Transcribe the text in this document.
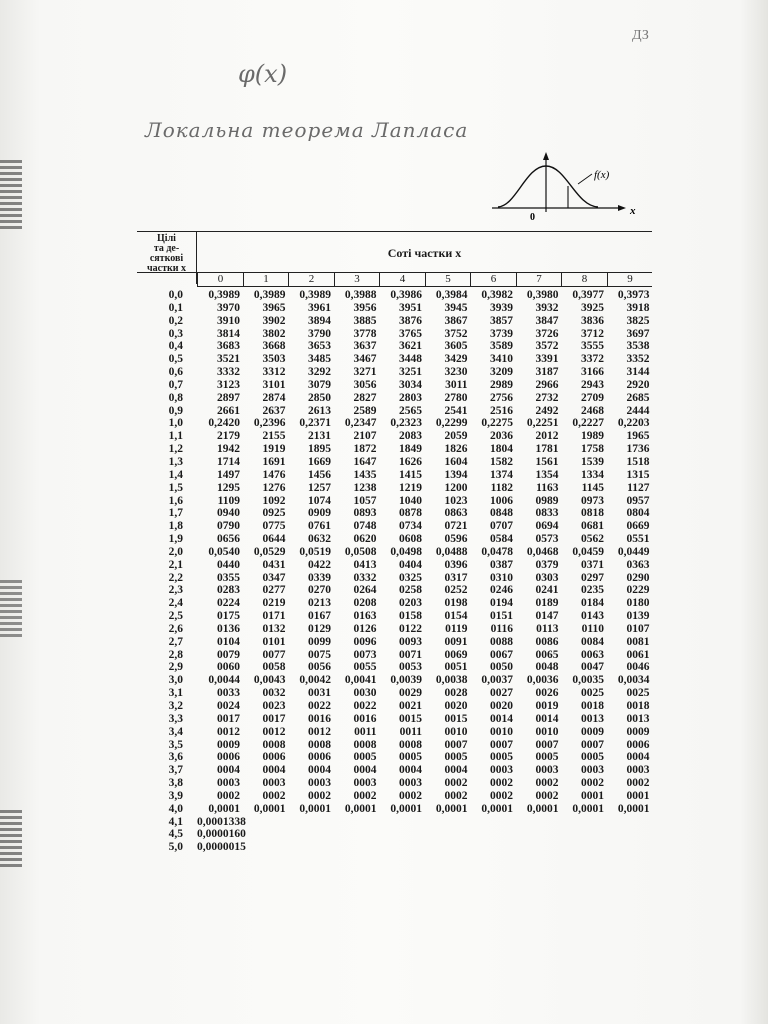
ДЗ
φ(x)
Локальна теорема Лапласа
f(x)
0
x
Цілі
та де-
сяткові
частки x
Соті частки x
0	1	2	3	4	5	6	7	8	9
0,0	0,3989	0,3989	0,3989	0,3988	0,3986	0,3984	0,3982	0,3980	0,3977	0,3973
0,1	3970	3965	3961	3956	3951	3945	3939	3932	3925	3918
0,2	3910	3902	3894	3885	3876	3867	3857	3847	3836	3825
0,3	3814	3802	3790	3778	3765	3752	3739	3726	3712	3697
0,4	3683	3668	3653	3637	3621	3605	3589	3572	3555	3538
0,5	3521	3503	3485	3467	3448	3429	3410	3391	3372	3352
0,6	3332	3312	3292	3271	3251	3230	3209	3187	3166	3144
0,7	3123	3101	3079	3056	3034	3011	2989	2966	2943	2920
0,8	2897	2874	2850	2827	2803	2780	2756	2732	2709	2685
0,9	2661	2637	2613	2589	2565	2541	2516	2492	2468	2444
1,0	0,2420	0,2396	0,2371	0,2347	0,2323	0,2299	0,2275	0,2251	0,2227	0,2203
1,1	2179	2155	2131	2107	2083	2059	2036	2012	1989	1965
1,2	1942	1919	1895	1872	1849	1826	1804	1781	1758	1736
1,3	1714	1691	1669	1647	1626	1604	1582	1561	1539	1518
1,4	1497	1476	1456	1435	1415	1394	1374	1354	1334	1315
1,5	1295	1276	1257	1238	1219	1200	1182	1163	1145	1127
1,6	1109	1092	1074	1057	1040	1023	1006	0989	0973	0957
1,7	0940	0925	0909	0893	0878	0863	0848	0833	0818	0804
1,8	0790	0775	0761	0748	0734	0721	0707	0694	0681	0669
1,9	0656	0644	0632	0620	0608	0596	0584	0573	0562	0551
2,0	0,0540	0,0529	0,0519	0,0508	0,0498	0,0488	0,0478	0,0468	0,0459	0,0449
2,1	0440	0431	0422	0413	0404	0396	0387	0379	0371	0363
2,2	0355	0347	0339	0332	0325	0317	0310	0303	0297	0290
2,3	0283	0277	0270	0264	0258	0252	0246	0241	0235	0229
2,4	0224	0219	0213	0208	0203	0198	0194	0189	0184	0180
2,5	0175	0171	0167	0163	0158	0154	0151	0147	0143	0139
2,6	0136	0132	0129	0126	0122	0119	0116	0113	0110	0107
2,7	0104	0101	0099	0096	0093	0091	0088	0086	0084	0081
2,8	0079	0077	0075	0073	0071	0069	0067	0065	0063	0061
2,9	0060	0058	0056	0055	0053	0051	0050	0048	0047	0046
3,0	0,0044	0,0043	0,0042	0,0041	0,0039	0,0038	0,0037	0,0036	0,0035	0,0034
3,1	0033	0032	0031	0030	0029	0028	0027	0026	0025	0025
3,2	0024	0023	0022	0022	0021	0020	0020	0019	0018	0018
3,3	0017	0017	0016	0016	0015	0015	0014	0014	0013	0013
3,4	0012	0012	0012	0011	0011	0010	0010	0010	0009	0009
3,5	0009	0008	0008	0008	0008	0007	0007	0007	0007	0006
3,6	0006	0006	0006	0005	0005	0005	0005	0005	0005	0004
3,7	0004	0004	0004	0004	0004	0004	0003	0003	0003	0003
3,8	0003	0003	0003	0003	0003	0002	0002	0002	0002	0002
3,9	0002	0002	0002	0002	0002	0002	0002	0002	0001	0001
4,0	0,0001	0,0001	0,0001	0,0001	0,0001	0,0001	0,0001	0,0001	0,0001	0,0001
4,1 0,0001338
4,5 0,0000160
5,0 0,0000015
